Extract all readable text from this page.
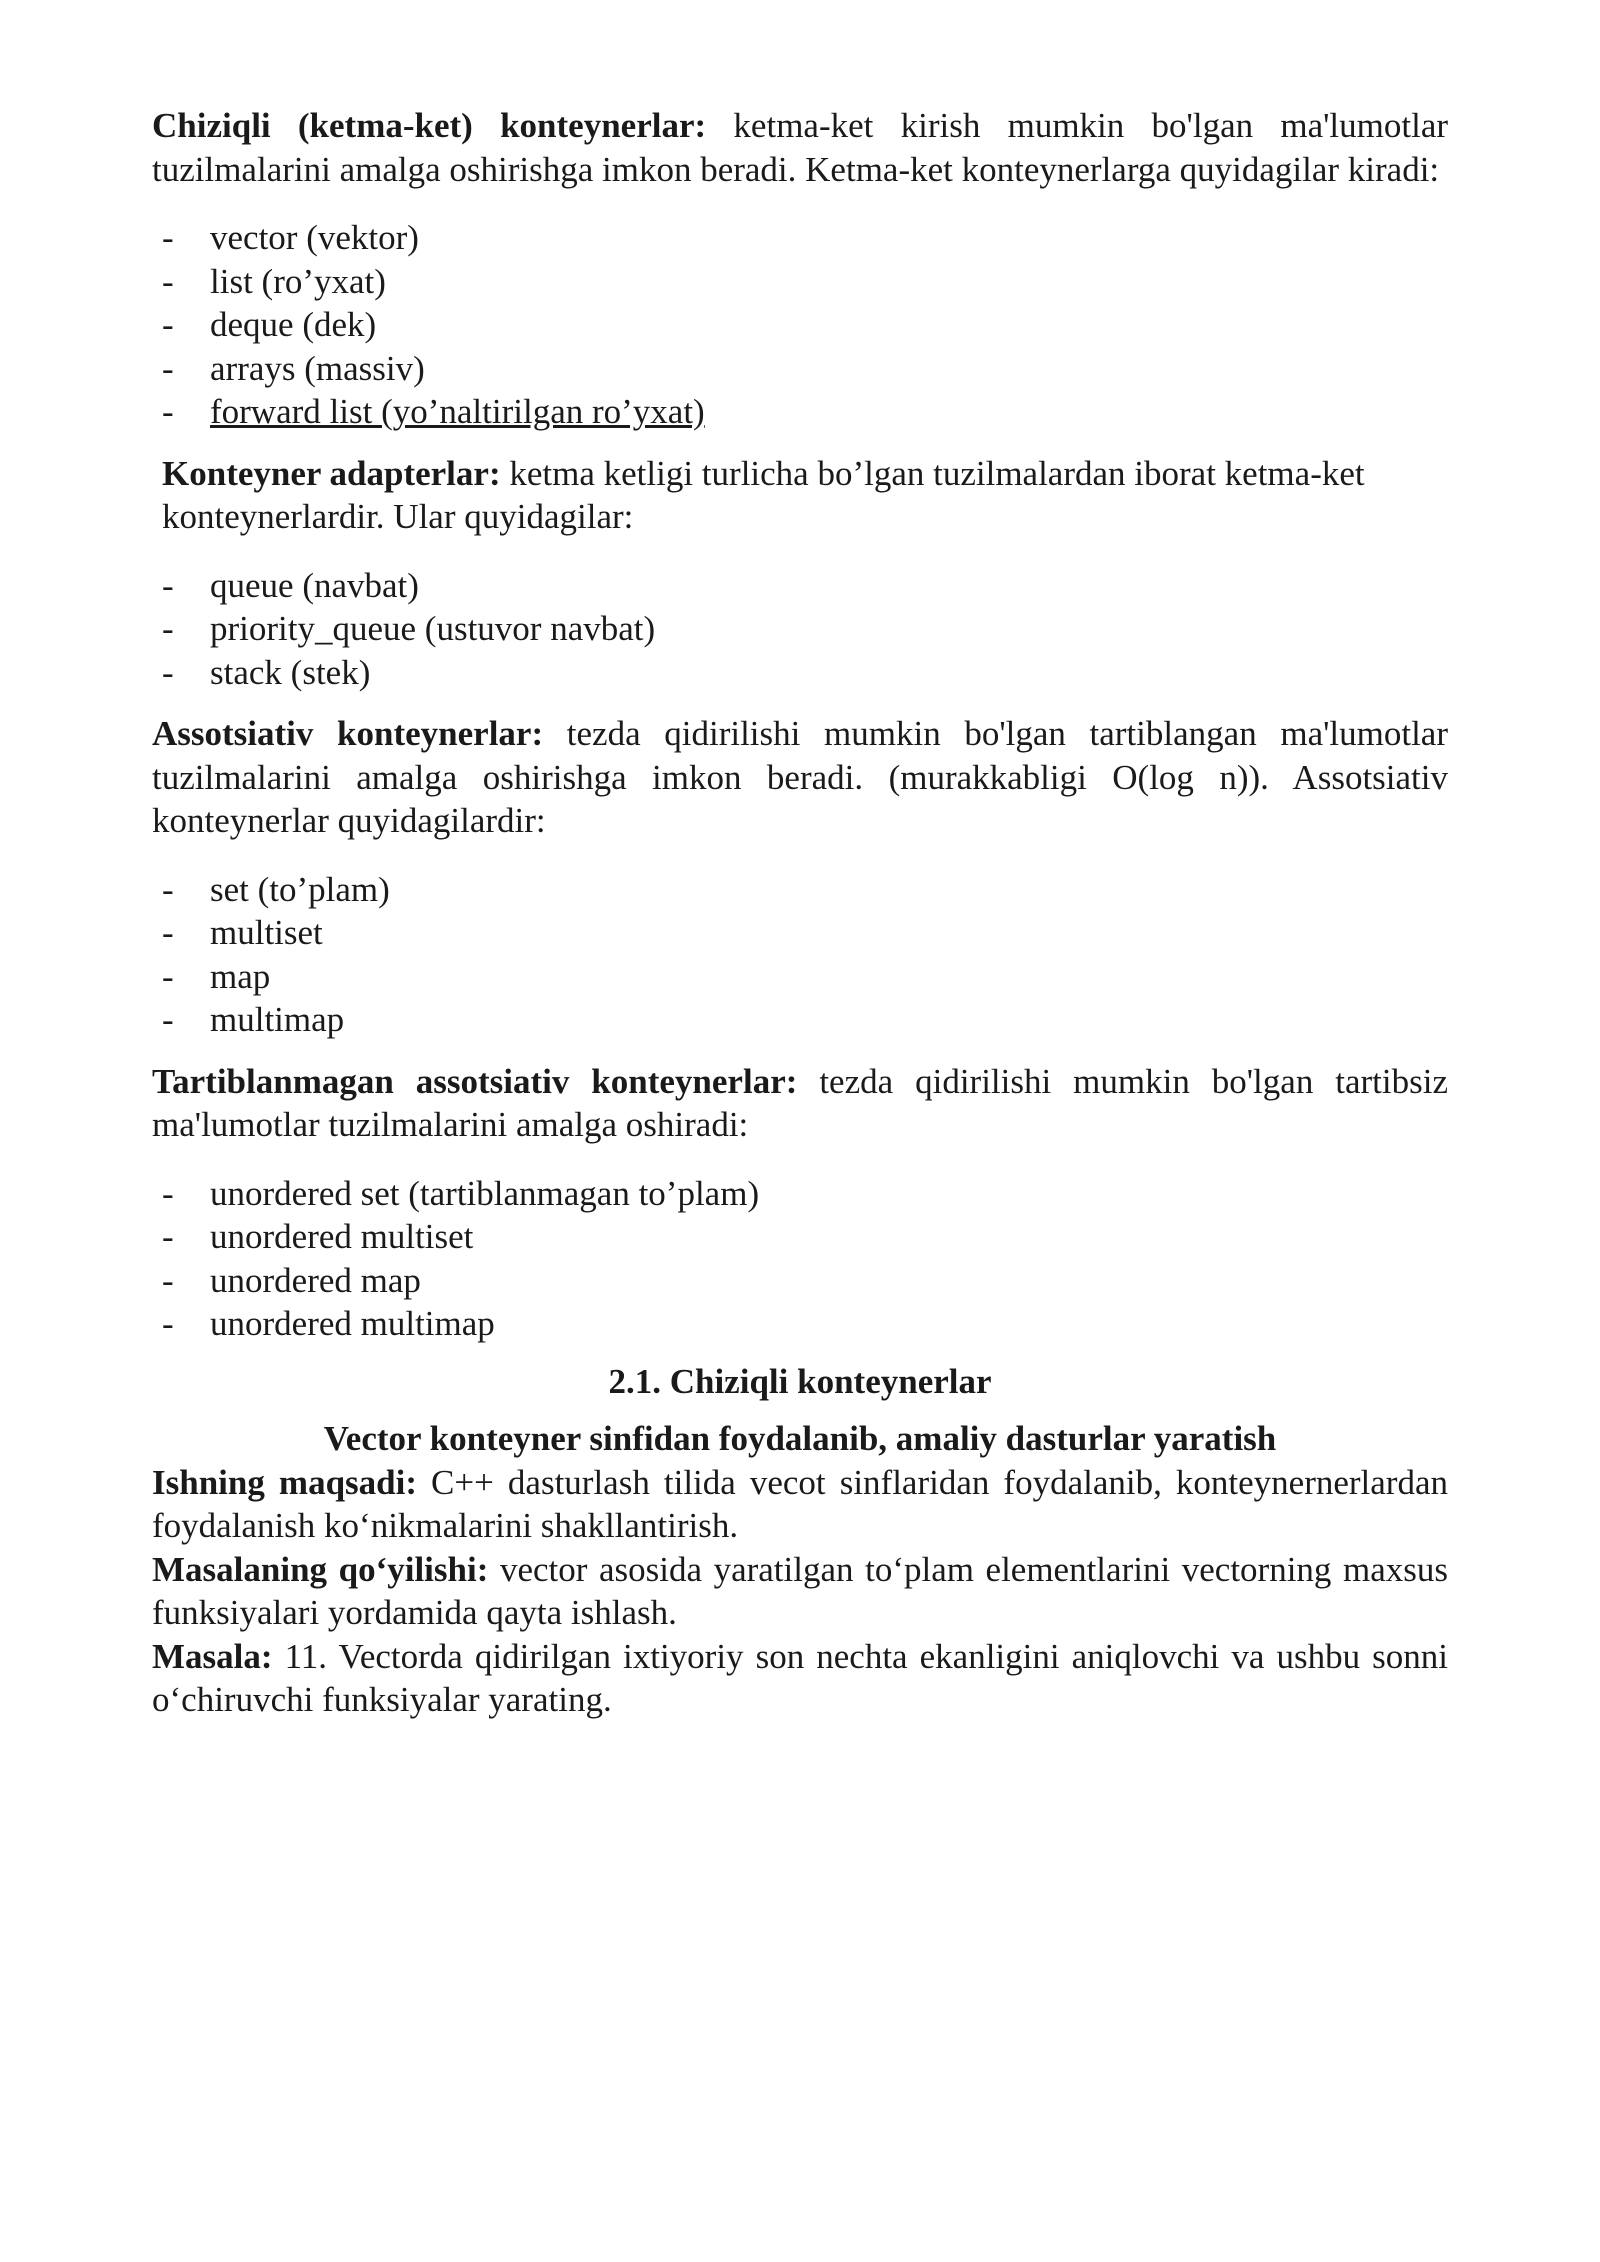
Chiziqli (ketma-ket) konteynerlar: ketma-ket kirish mumkin bo'lgan ma'lumotlar tuzilmalarini amalga oshirishga imkon beradi. Ketma-ket konteynerlarga quyidagilar kiradi:

- vector (vektor)
- list (ro’yxat)
- deque (dek)
- arrays (massiv)
- forward list (yo’naltirilgan ro’yxat)

Konteyner adapterlar: ketma ketligi turlicha bo’lgan tuzilmalardan iborat ketma-ket konteynerlardir. Ular quyidagilar:

- queue (navbat)
- priority_queue (ustuvor navbat)
- stack (stek)

Assotsiativ konteynerlar: tezda qidirilishi mumkin bo'lgan tartiblangan ma'lumotlar tuzilmalarini amalga oshirishga imkon beradi. (murakkabligi O(log n)). Assotsiativ konteynerlar quyidagilardir:

- set (to’plam)
- multiset
- map
- multimap

Tartiblanmagan assotsiativ konteynerlar: tezda qidirilishi mumkin bo'lgan tartibsiz ma'lumotlar tuzilmalarini amalga oshiradi:

- unordered set (tartiblanmagan to’plam)
- unordered multiset
- unordered map
- unordered multimap

2.1. Chiziqli konteynerlar

Vector konteyner sinfidan foydalanib, amaliy dasturlar yaratish

Ishning maqsadi: C++ dasturlash tilida vecot sinflaridan foydalanib, konteynernerlardan foydalanish ko‘nikmalarini shakllantirish.

Masalaning qo‘yilishi: vector asosida yaratilgan to‘plam elementlarini vectorning maxsus funksiyalari yordamida qayta ishlash.

Masala: 11. Vectorda qidirilgan ixtiyoriy son nechta ekanligini aniqlovchi va ushbu sonni o‘chiruvchi funksiyalar yarating.
